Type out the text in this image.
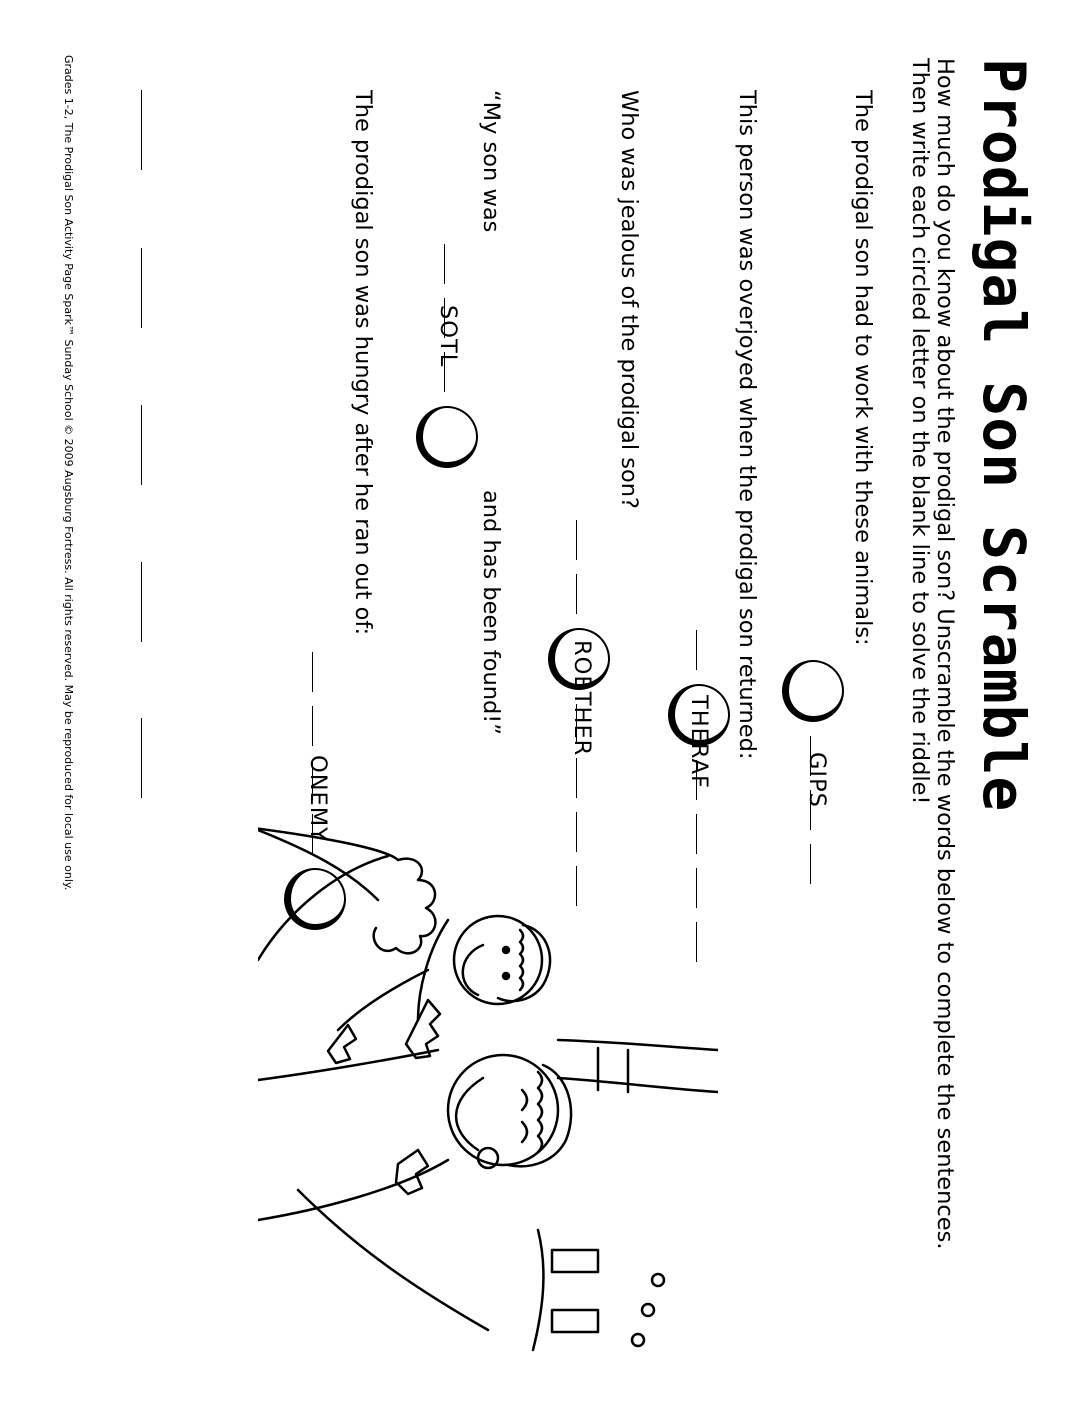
Prodigal Son Scramble
How much do you know about the prodigal son? Unscramble the words below to complete the sentences.
Then write each circled letter on the blank line to solve the riddle!
The prodigal son had to work with these animals:
GIPS
This person was overjoyed when the prodigal son returned:
THERAF
Who was jealous of the prodigal son?
ROBTHER
“My son was
and has been found!”
SOTL
The prodigal son was hungry after he ran out of:
ONEMY
Grades 1-2, The Prodigal Son Activity Page Spark™ Sunday School © 2009 Augsburg Fortress. All rights reserved. May be reproduced for local use only.
